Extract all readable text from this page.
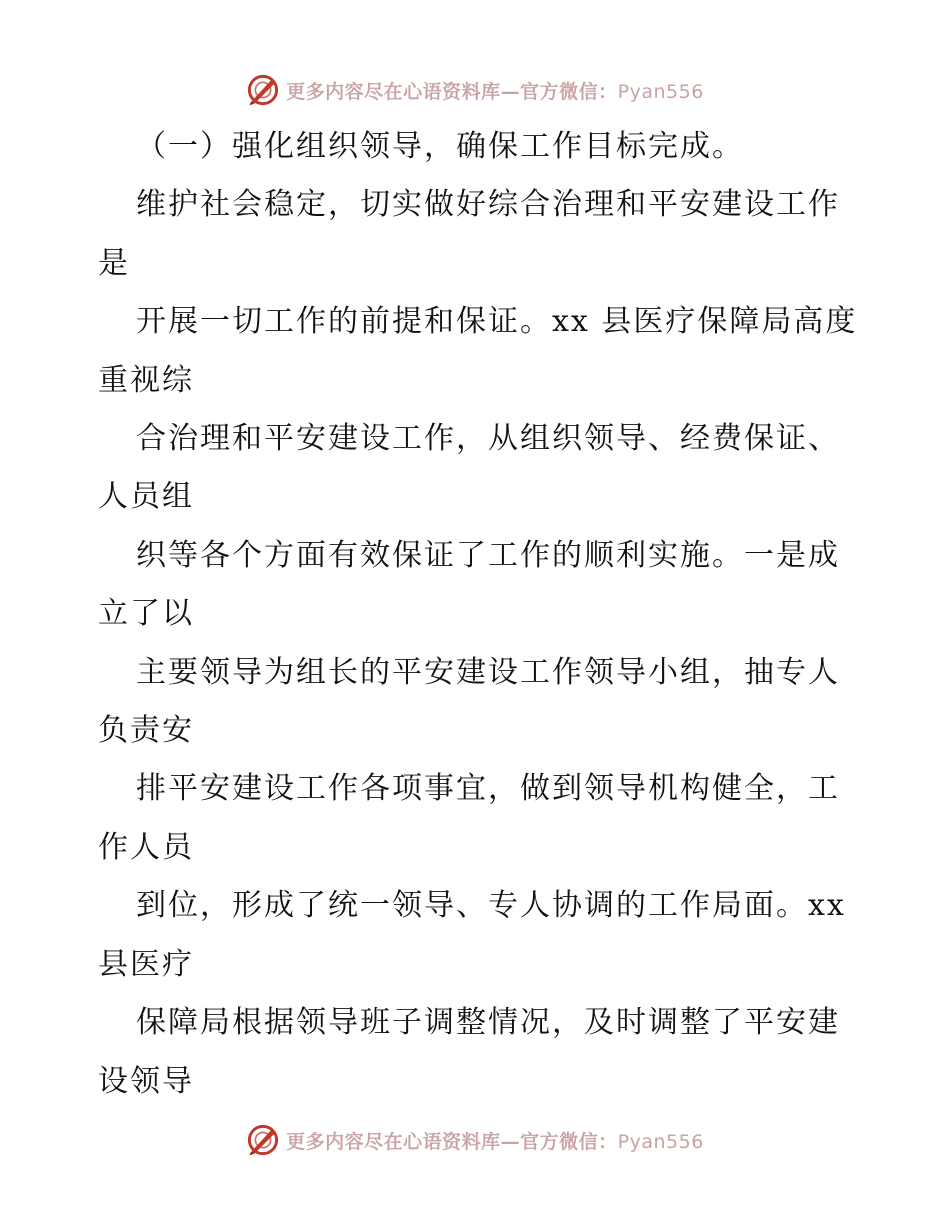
更多内容尽在心语资料库—官方微信：Pyan556

（一）强化组织领导，确保工作目标完成。

维护社会稳定，切实做好综合治理和平安建设工作是

开展一切工作的前提和保证。xx 县医疗保障局高度重视综

合治理和平安建设工作，从组织领导、经费保证、人员组

织等各个方面有效保证了工作的顺利实施。一是成立了以

主要领导为组长的平安建设工作领导小组，抽专人负责安

排平安建设工作各项事宜，做到领导机构健全，工作人员

到位，形成了统一领导、专人协调的工作局面。xx 县医疗

保障局根据领导班子调整情况，及时调整了平安建设领导

更多内容尽在心语资料库—官方微信：Pyan556
